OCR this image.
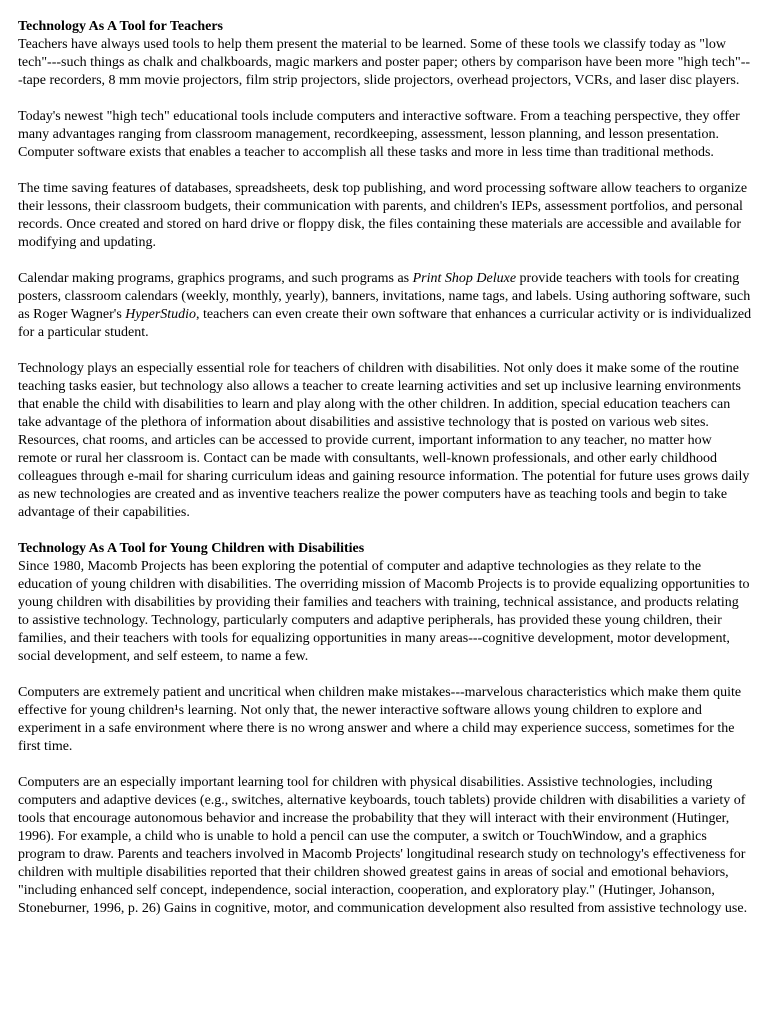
Technology As A Tool for Teachers

Teachers have always used tools to help them present the material to be learned. Some of these tools we classify today as "low tech"---such things as chalk and chalkboards, magic markers and poster paper; others by comparison have been more "high tech"---tape recorders, 8 mm movie projectors, film strip projectors, slide projectors, overhead projectors, VCRs, and laser disc players.

Today's newest "high tech" educational tools include computers and interactive software. From a teaching perspective, they offer many advantages ranging from classroom management, recordkeeping, assessment, lesson planning, and lesson presentation. Computer software exists that enables a teacher to accomplish all these tasks and more in less time than traditional methods.

The time saving features of databases, spreadsheets, desk top publishing, and word processing software allow teachers to organize their lessons, their classroom budgets, their communication with parents, and children's IEPs, assessment portfolios, and personal records. Once created and stored on hard drive or floppy disk, the files containing these materials are accessible and available for modifying and updating.

Calendar making programs, graphics programs, and such programs as Print Shop Deluxe provide teachers with tools for creating posters, classroom calendars (weekly, monthly, yearly), banners, invitations, name tags, and labels. Using authoring software, such as Roger Wagner's HyperStudio, teachers can even create their own software that enhances a curricular activity or is individualized for a particular student.

Technology plays an especially essential role for teachers of children with disabilities. Not only does it make some of the routine teaching tasks easier, but technology also allows a teacher to create learning activities and set up inclusive learning environments that enable the child with disabilities to learn and play along with the other children. In addition, special education teachers can take advantage of the plethora of information about disabilities and assistive technology that is posted on various web sites. Resources, chat rooms, and articles can be accessed to provide current, important information to any teacher, no matter how remote or rural her classroom is. Contact can be made with consultants, well-known professionals, and other early childhood colleagues through e-mail for sharing curriculum ideas and gaining resource information. The potential for future uses grows daily as new technologies are created and as inventive teachers realize the power computers have as teaching tools and begin to take advantage of their capabilities.

Technology As A Tool for Young Children with Disabilities

Since 1980, Macomb Projects has been exploring the potential of computer and adaptive technologies as they relate to the education of young children with disabilities. The overriding mission of Macomb Projects is to provide equalizing opportunities to young children with disabilities by providing their families and teachers with training, technical assistance, and products relating to assistive technology. Technology, particularly computers and adaptive peripherals, has provided these young children, their families, and their teachers with tools for equalizing opportunities in many areas---cognitive development, motor development, social development, and self esteem, to name a few.

Computers are extremely patient and uncritical when children make mistakes---marvelous characteristics which make them quite effective for young children¹s learning. Not only that, the newer interactive software allows young children to explore and experiment in a safe environment where there is no wrong answer and where a child may experience success, sometimes for the first time.

Computers are an especially important learning tool for children with physical disabilities. Assistive technologies, including computers and adaptive devices (e.g., switches, alternative keyboards, touch tablets) provide children with disabilities a variety of tools that encourage autonomous behavior and increase the probability that they will interact with their environment (Hutinger, 1996). For example, a child who is unable to hold a pencil can use the computer, a switch or TouchWindow, and a graphics program to draw. Parents and teachers involved in Macomb Projects' longitudinal research study on technology's effectiveness for children with multiple disabilities reported that their children showed greatest gains in areas of social and emotional behaviors, "including enhanced self concept, independence, social interaction, cooperation, and exploratory play." (Hutinger, Johanson, Stoneburner, 1996, p. 26) Gains in cognitive, motor, and communication development also resulted from assistive technology use.
